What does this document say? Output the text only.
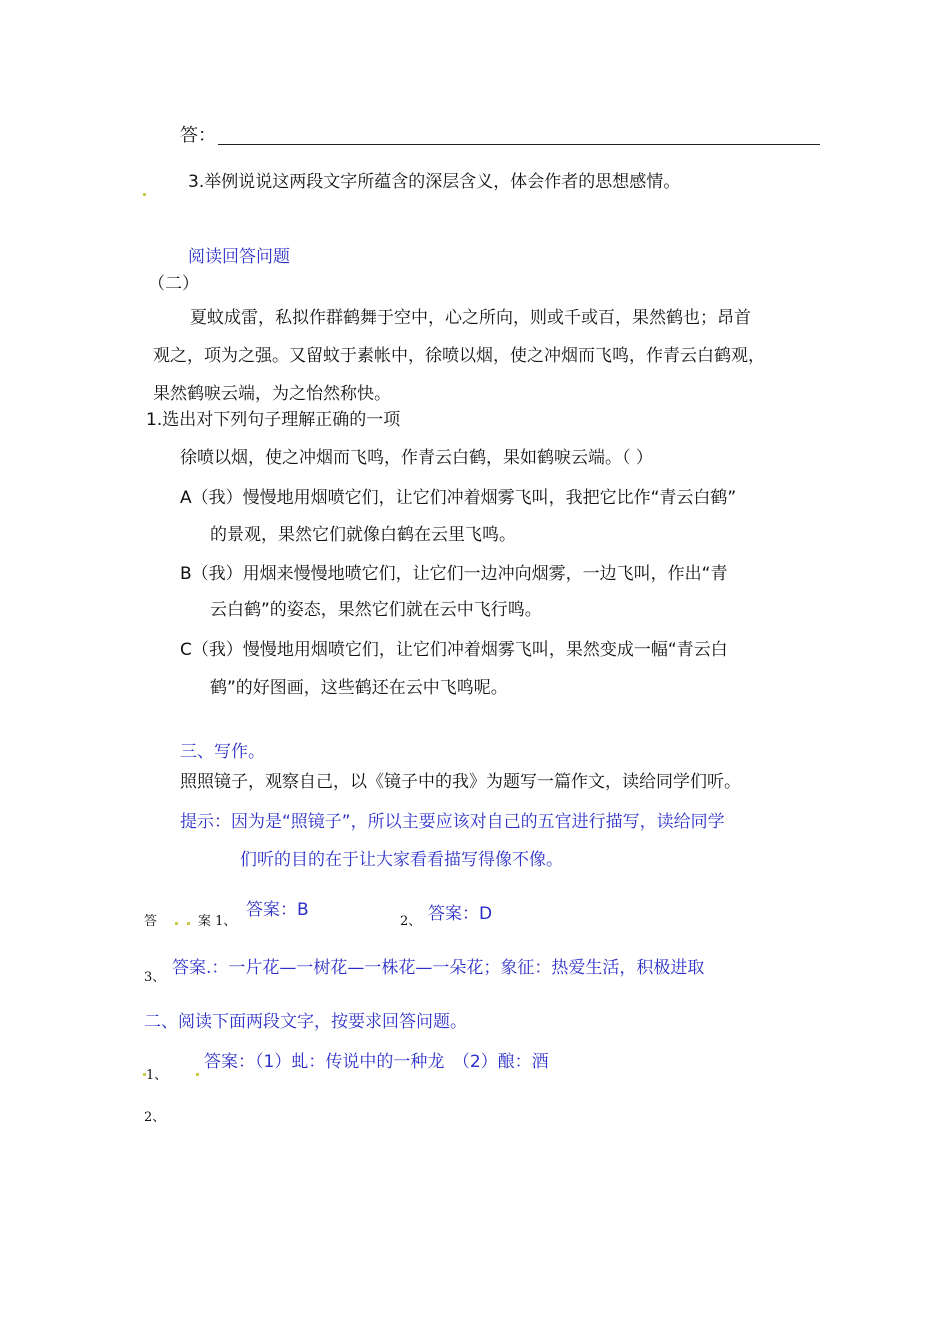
答：
3.举例说说这两段文字所蕴含的深层含义，体会作者的思想感情。
阅读回答问题
（二）
夏蚊成雷，私拟作群鹤舞于空中，心之所向，则或千或百，果然鹤也；昂首
观之，项为之强。又留蚊于素帐中，徐喷以烟，使之冲烟而飞鸣，作青云白鹤观，
果然鹤唳云端，为之怡然称快。
1.选出对下列句子理解正确的一项
徐喷以烟，使之冲烟而飞鸣，作青云白鹤，果如鹤唳云端。（ ）
A（我）慢慢地用烟喷它们，让它们冲着烟雾飞叫，我把它比作“青云白鹤”
的景观，果然它们就像白鹤在云里飞鸣。
B（我）用烟来慢慢地喷它们，让它们一边冲向烟雾，一边飞叫，作出“青
云白鹤”的姿态，果然它们就在云中飞行鸣。
C（我）慢慢地用烟喷它们，让它们冲着烟雾飞叫，果然变成一幅“青云白
鹤”的好图画，这些鹤还在云中飞鸣呢。
三、写作。
照照镜子，观察自己，以《镜子中的我》为题写一篇作文，读给同学们听。
提示：因为是“照镜子”，所以主要应该对自己的五官进行描写，读给同学
们听的目的在于让大家看看描写得像不像。
答	案 1、
答案：B
2、 答案：D
3、 答案.：一片花—一树花—一株花—一朵花；象征：热爱生活，积极进取
二、阅读下面两段文字，按要求回答问题。
1、
答案：（1）虬：传说中的一种龙　（2）酿：酒
2、
